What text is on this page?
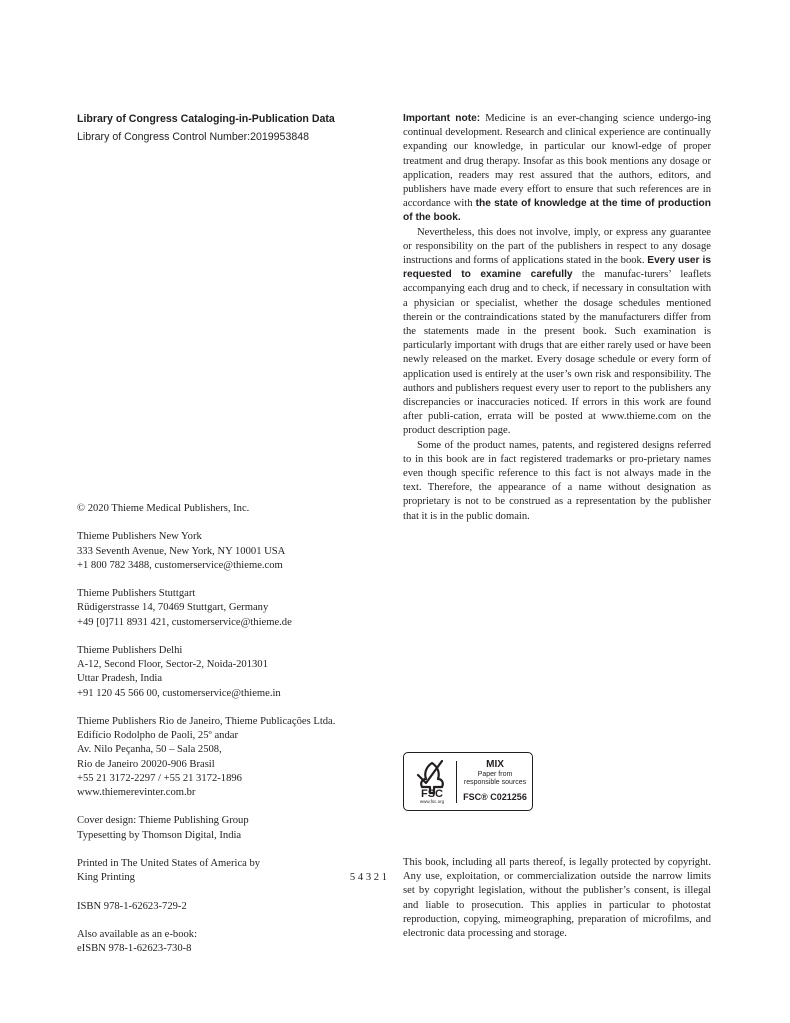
Library of Congress Cataloging-in-Publication Data

Library of Congress Control Number:2019953848

© 2020 Thieme Medical Publishers, Inc.

Thieme Publishers New York

333 Seventh Avenue, New York, NY 10001 USA

+1 800 782 3488, customerservice@thieme.com

Thieme Publishers Stuttgart

Rüdigerstrasse 14, 70469 Stuttgart, Germany

+49 [0]711 8931 421, customerservice@thieme.de

Thieme Publishers Delhi

A-12, Second Floor, Sector-2, Noida-201301

Uttar Pradesh, India

+91 120 45 566 00, customerservice@thieme.in

Thieme Publishers Rio de Janeiro, Thieme Publicações Ltda.

Edifício Rodolpho de Paoli, 25º andar

Av. Nilo Peçanha, 50 – Sala 2508,

Rio de Janeiro 20020-906 Brasil

+55 21 3172-2297 / +55 21 3172-1896

www.thiemerevinter.com.br

Cover design: Thieme Publishing Group

Typesetting by Thomson Digital, India

Printed in The United States of America by

King Printing	5 4 3 2 1

ISBN 978-1-62623-729-2

Also available as an e-book:

eISBN 978-1-62623-730-8

Important note: Medicine is an ever-changing science undergo-ing continual development. Research and clinical experience are continually expanding our knowledge, in particular our knowl-edge of proper treatment and drug therapy. Insofar as this book mentions any dosage or application, readers may rest assured that the authors, editors, and publishers have made every effort to ensure that such references are in accordance with the state of knowledge at the time of production of the book.

Nevertheless, this does not involve, imply, or express any guarantee or responsibility on the part of the publishers in respect to any dosage instructions and forms of applications stated in the book. Every user is requested to examine carefully the manufac-turers’ leaflets accompanying each drug and to check, if necessary in consultation with a physician or specialist, whether the dosage schedules mentioned therein or the contraindications stated by the manufacturers differ from the statements made in the present book. Such examination is particularly important with drugs that are either rarely used or have been newly released on the market. Every dosage schedule or every form of application used is entirely at the user’s own risk and responsibility. The authors and publishers request every user to report to the publishers any discrepancies or inaccuracies noticed. If errors in this work are found after publi-cation, errata will be posted at www.thieme.com on the product description page.

Some of the product names, patents, and registered designs referred to in this book are in fact registered trademarks or pro-prietary names even though specific reference to this fact is not always made in the text. Therefore, the appearance of a name without designation as proprietary is not to be construed as a representation by the publisher that it is in the public domain.

FSC
www.fsc.org
MIX
Paper from
responsible sources
FSC® C021256

This book, including all parts thereof, is legally protected by copyright. Any use, exploitation, or commercialization outside the narrow limits set by copyright legislation, without the publisher’s consent, is illegal and liable to prosecution. This applies in particular to photostat reproduction, copying, mimeographing, preparation of microfilms, and electronic data processing and storage.
